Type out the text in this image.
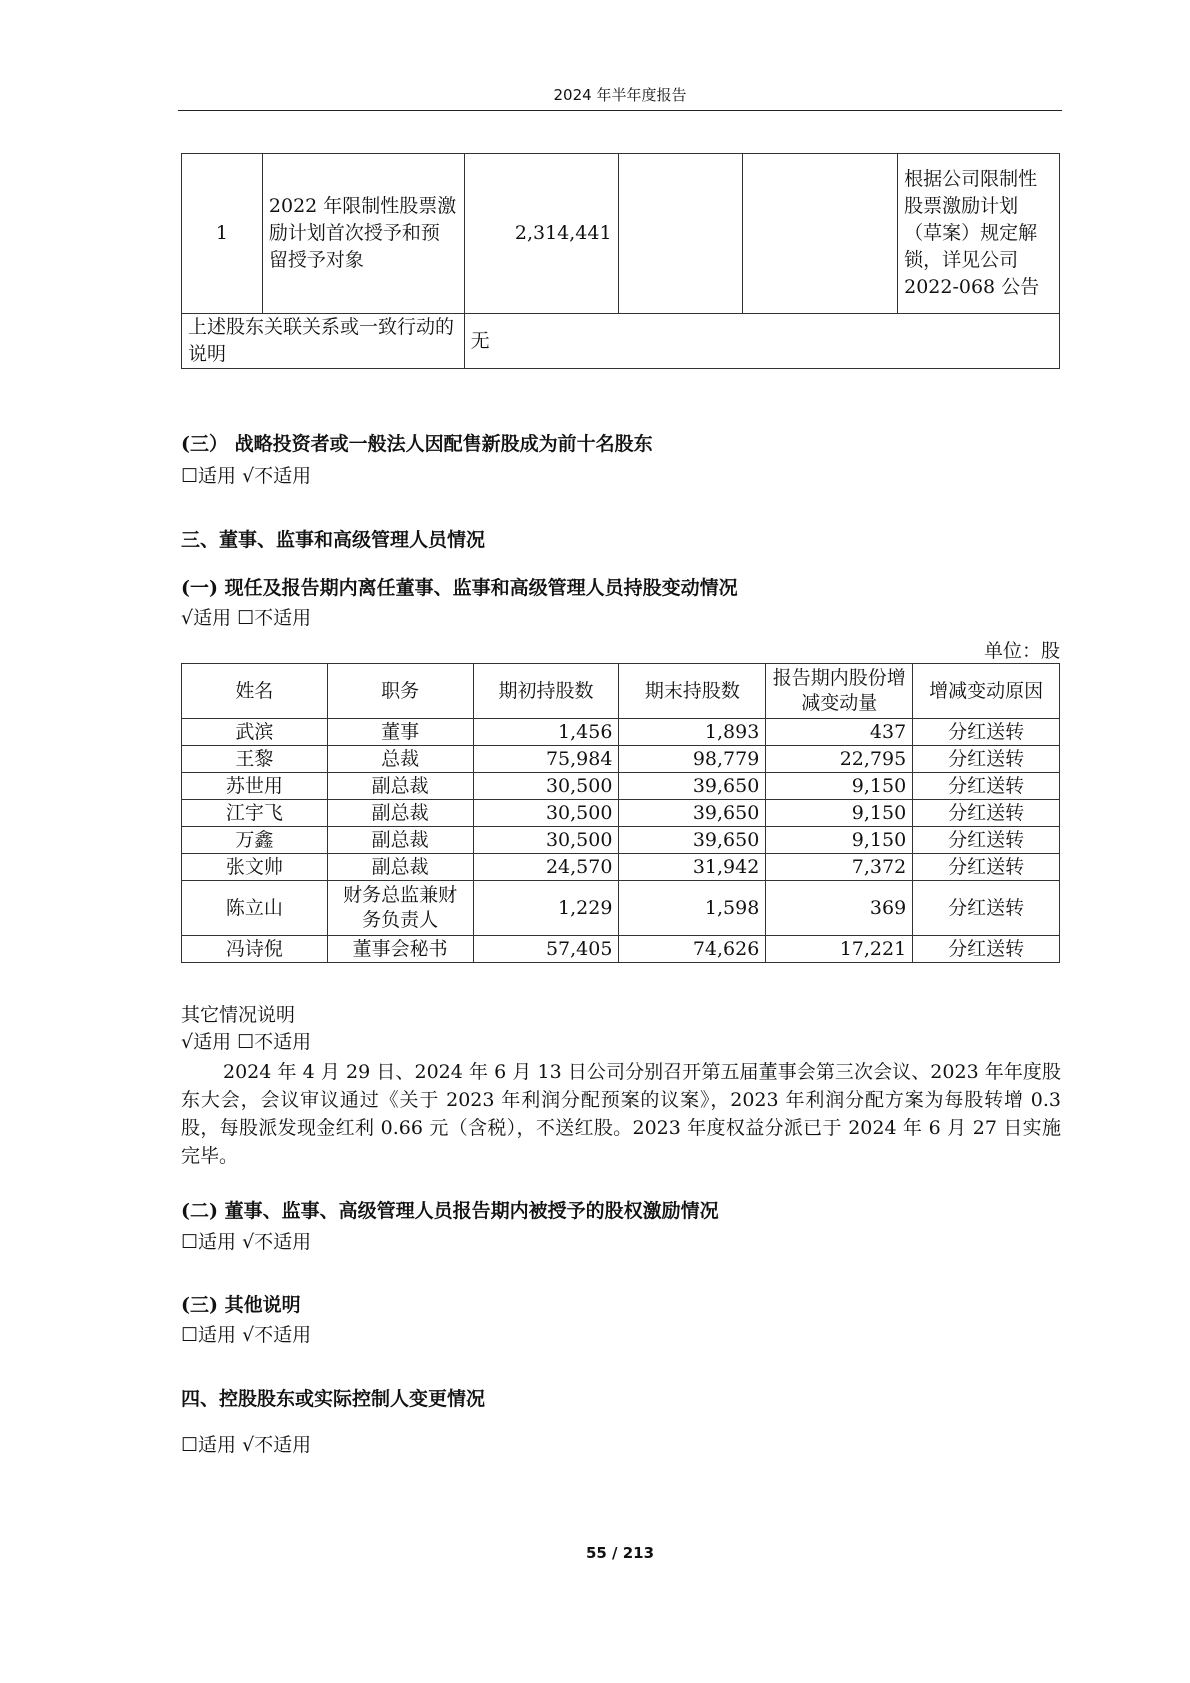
2024 年半年度报告
1	2022 年限制性股票激励计划首次授予和预留授予对象	2,314,441			根据公司限制性股票激励计划（草案）规定解锁，详见公司 2022-068 公告
上述股东关联关系或一致行动的说明		无			
(三） 战略投资者或一般法人因配售新股成为前十名股东
☐适用 √不适用
三、董事、监事和高级管理人员情况
(一) 现任及报告期内离任董事、监事和高级管理人员持股变动情况
√适用 ☐不适用
单位：股
姓名	职务	期初持股数	期末持股数	报告期内股份增减变动量	增减变动原因
武滨	董事	1,456	1,893	437	分红送转
王黎	总裁	75,984	98,779	22,795	分红送转
苏世用	副总裁	30,500	39,650	9,150	分红送转
江宇飞	副总裁	30,500	39,650	9,150	分红送转
万鑫	副总裁	30,500	39,650	9,150	分红送转
张文帅	副总裁	24,570	31,942	7,372	分红送转
陈立山	财务总监兼财务负责人	1,229	1,598	369	分红送转
冯诗倪	董事会秘书	57,405	74,626	17,221	分红送转
其它情况说明
√适用 ☐不适用
2024 年 4 月 29 日、2024 年 6 月 13 日公司分别召开第五届董事会第三次会议、2023 年年度股东大会，会议审议通过《关于 2023 年利润分配预案的议案》，2023 年利润分配方案为每股转增 0.3 股，每股派发现金红利 0.66 元（含税），不送红股。2023 年度权益分派已于 2024 年 6 月 27 日实施完毕。
(二) 董事、监事、高级管理人员报告期内被授予的股权激励情况
☐适用 √不适用
(三) 其他说明
☐适用 √不适用
四、控股股东或实际控制人变更情况
☐适用 √不适用
55 / 213
